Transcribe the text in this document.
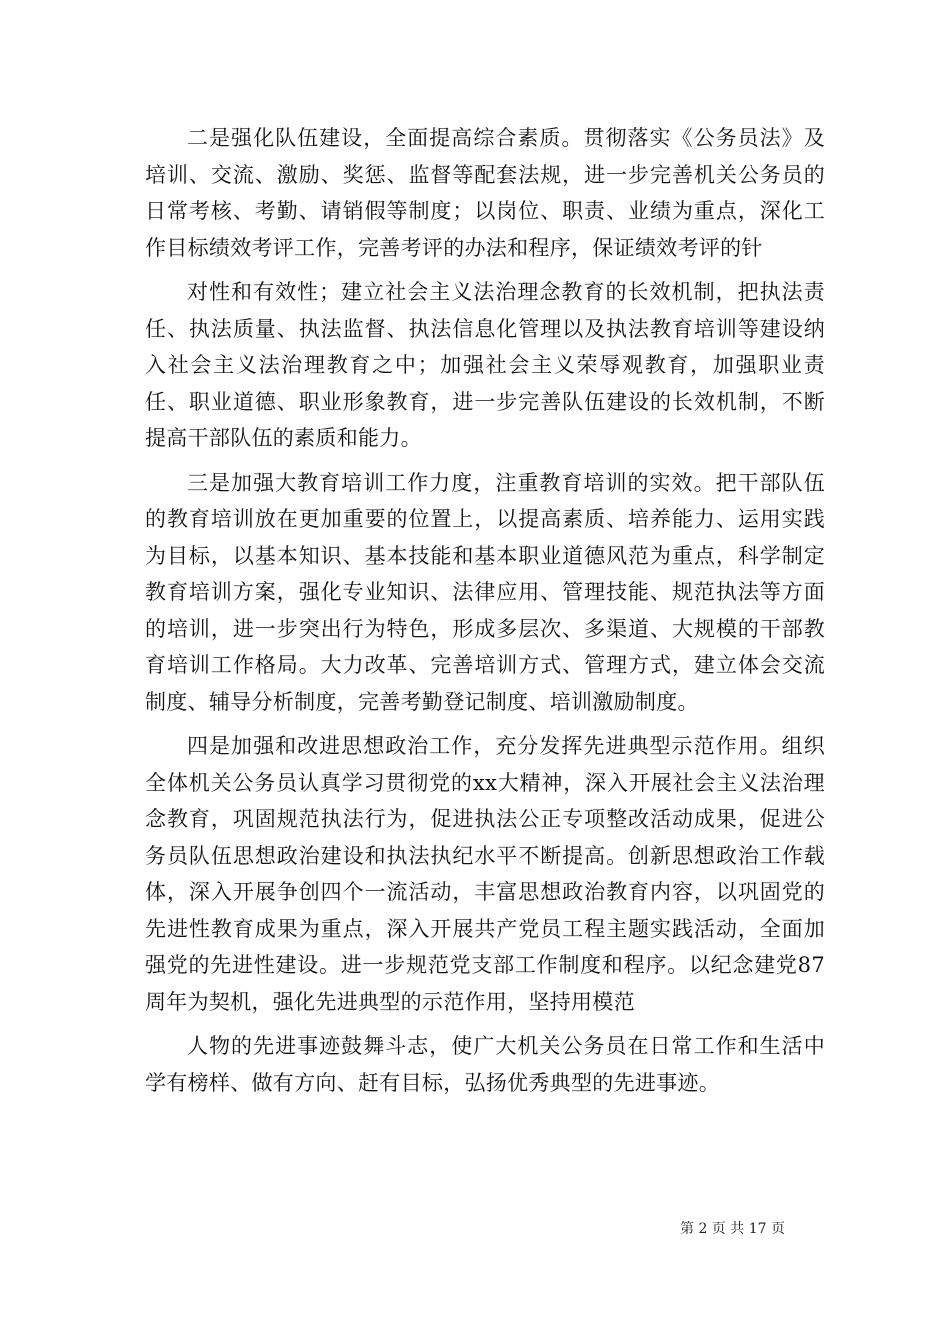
二是强化队伍建设，全面提高综合素质。贯彻落实《公务员法》及培训、交流、激励、奖惩、监督等配套法规，进一步完善机关公务员的日常考核、考勤、请销假等制度；以岗位、职责、业绩为重点，深化工作目标绩效考评工作，完善考评的办法和程序，保证绩效考评的针

对性和有效性；建立社会主义法治理念教育的长效机制，把执法责任、执法质量、执法监督、执法信息化管理以及执法教育培训等建设纳入社会主义法治理教育之中；加强社会主义荣辱观教育，加强职业责任、职业道德、职业形象教育，进一步完善队伍建设的长效机制，不断提高干部队伍的素质和能力。

三是加强大教育培训工作力度，注重教育培训的实效。把干部队伍的教育培训放在更加重要的位置上，以提高素质、培养能力、运用实践为目标，以基本知识、基本技能和基本职业道德风范为重点，科学制定教育培训方案，强化专业知识、法律应用、管理技能、规范执法等方面的培训，进一步突出行为特色，形成多层次、多渠道、大规模的干部教育培训工作格局。大力改革、完善培训方式、管理方式，建立体会交流制度、辅导分析制度，完善考勤登记制度、培训激励制度。

四是加强和改进思想政治工作，充分发挥先进典型示范作用。组织全体机关公务员认真学习贯彻党的xx大精神，深入开展社会主义法治理念教育，巩固规范执法行为，促进执法公正专项整改活动成果，促进公务员队伍思想政治建设和执法执纪水平不断提高。创新思想政治工作载体，深入开展争创四个一流活动，丰富思想政治教育内容，以巩固党的先进性教育成果为重点，深入开展共产党员工程主题实践活动，全面加强党的先进性建设。进一步规范党支部工作制度和程序。以纪念建党87周年为契机，强化先进典型的示范作用，坚持用模范

人物的先进事迹鼓舞斗志，使广大机关公务员在日常工作和生活中学有榜样、做有方向、赶有目标，弘扬优秀典型的先进事迹。

第 2 页 共 17 页
